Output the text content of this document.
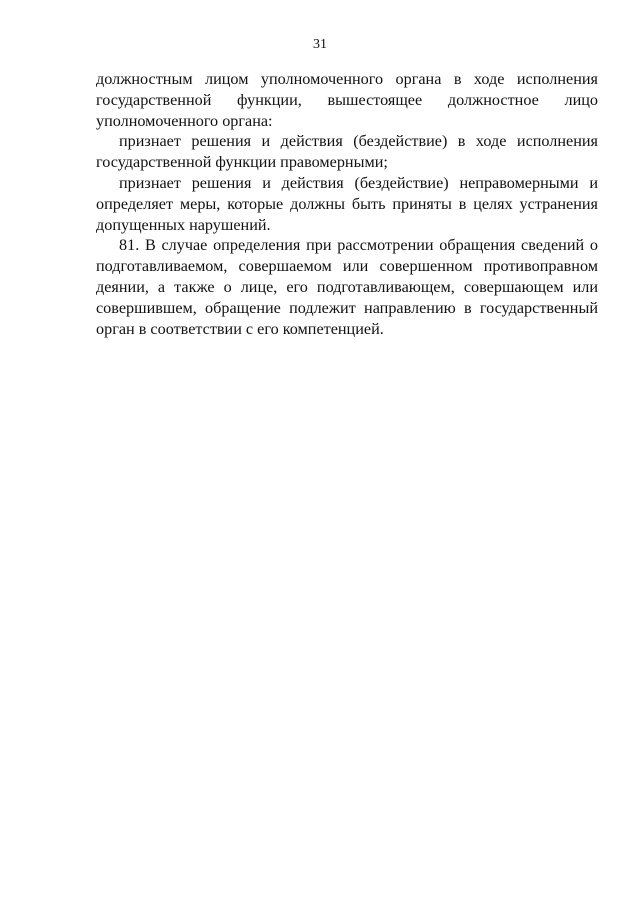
31

должностным лицом уполномоченного органа в ходе исполнения государственной функции, вышестоящее должностное лицо уполномоченного органа:

признает решения и действия (бездействие) в ходе исполнения государственной функции правомерными;

признает решения и действия (бездействие) неправомерными и определяет меры, которые должны быть приняты в целях устранения допущенных нарушений.

81. В случае определения при рассмотрении обращения сведений о подготавливаемом, совершаемом или совершенном противоправном деянии, а также о лице, его подготавливающем, совершающем или совершившем, обращение подлежит направлению в государственный орган в соответствии с его компетенцией.
